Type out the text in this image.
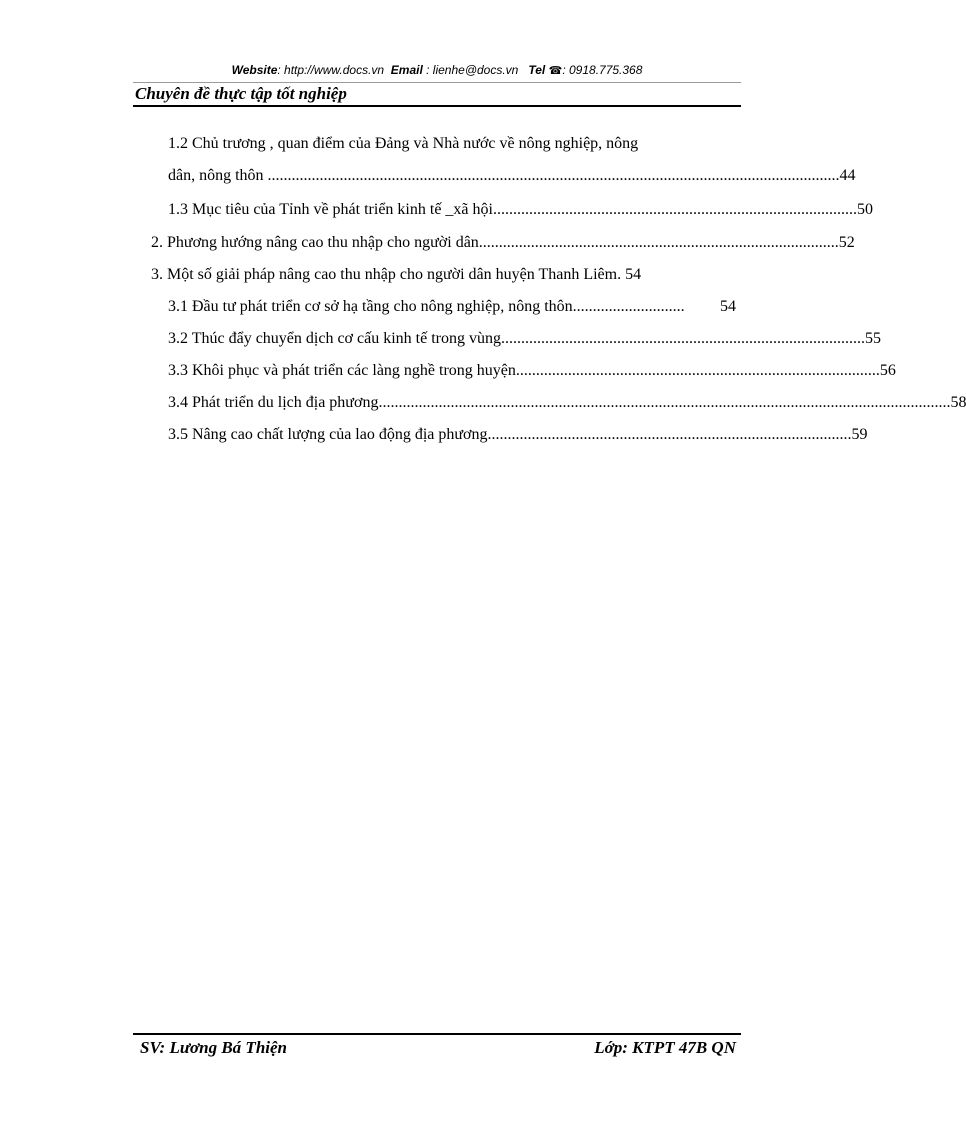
Website: http://www.docs.vn Email : lienhe@docs.vn Tel ☎: 0918.775.368
Chuyên đề thực tập tốt nghiệp
1.2 Chủ trương , quan điểm của Đảng và Nhà nước về nông nghiệp, nông
dân, nông thôn . .............................................................................................................................................. 44
1.3 Mục tiêu của Tỉnh về phát triển kinh tế _xã hội. .......................................................................................... 50
2. Phương hướng nâng cao thu nhập cho người dân .......................................................................................... 52
3. Một số giải pháp nâng cao thu nhập cho người dân huyện Thanh Liêm. 54
3.1 Đầu tư phát triển cơ sở hạ tầng cho nông nghiệp, nông thôn. ...........................	54
3.2 Thúc đẩy chuyển dịch cơ cấu kinh tế trong vùng. .......................................................................................... 55
3.3 Khôi phục và phát triển các làng nghề trong huyện. .......................................................................................... 56
3.4 Phát triển du lịch địa phương. .............................................................................................................................................. 58
3.5 Nâng cao chất lượng của lao động địa phương. .......................................................................................... 59
SV: Lương Bá Thiện	Lớp: KTPT 47B QN
